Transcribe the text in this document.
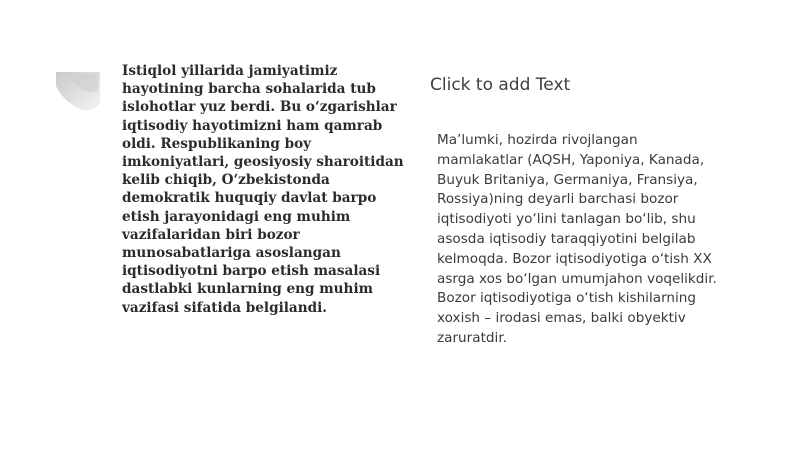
Istiqlol yillarida jamiyatimiz hayotining barcha sohalarida tub islohotlar yuz berdi. Bu o‘zgarishlar iqtisodiy hayotimizni ham qamrab oldi. Respublikaning boy imkoniyatlari, geosiyosiy sharoitidan kelib chiqib, O‘zbekistonda demokratik huquqiy davlat barpo etish jarayonidagi eng muhim vazifalaridan biri bozor munosabatlariga asoslangan iqtisodiyotni barpo etish masalasi dastlabki kunlarning eng muhim vazifasi sifatida belgilandi.

Click to add Text

Ma’lumki, hozirda rivojlangan mamlakatlar (AQSH, Yaponiya, Kanada, Buyuk Britaniya, Germaniya, Fransiya, Rossiya)ning deyarli barchasi bozor iqtisodiyoti yo‘lini tanlagan bo‘lib, shu asosda iqtisodiy taraqqiyotini belgilab kelmoqda. Bozor iqtisodiyotiga o‘tish XX asrga xos bo‘lgan umumjahon voqelikdir. Bozor iqtisodiyotiga o‘tish kishilarning xoxish – irodasi emas, balki obyektiv zaruratdir.
